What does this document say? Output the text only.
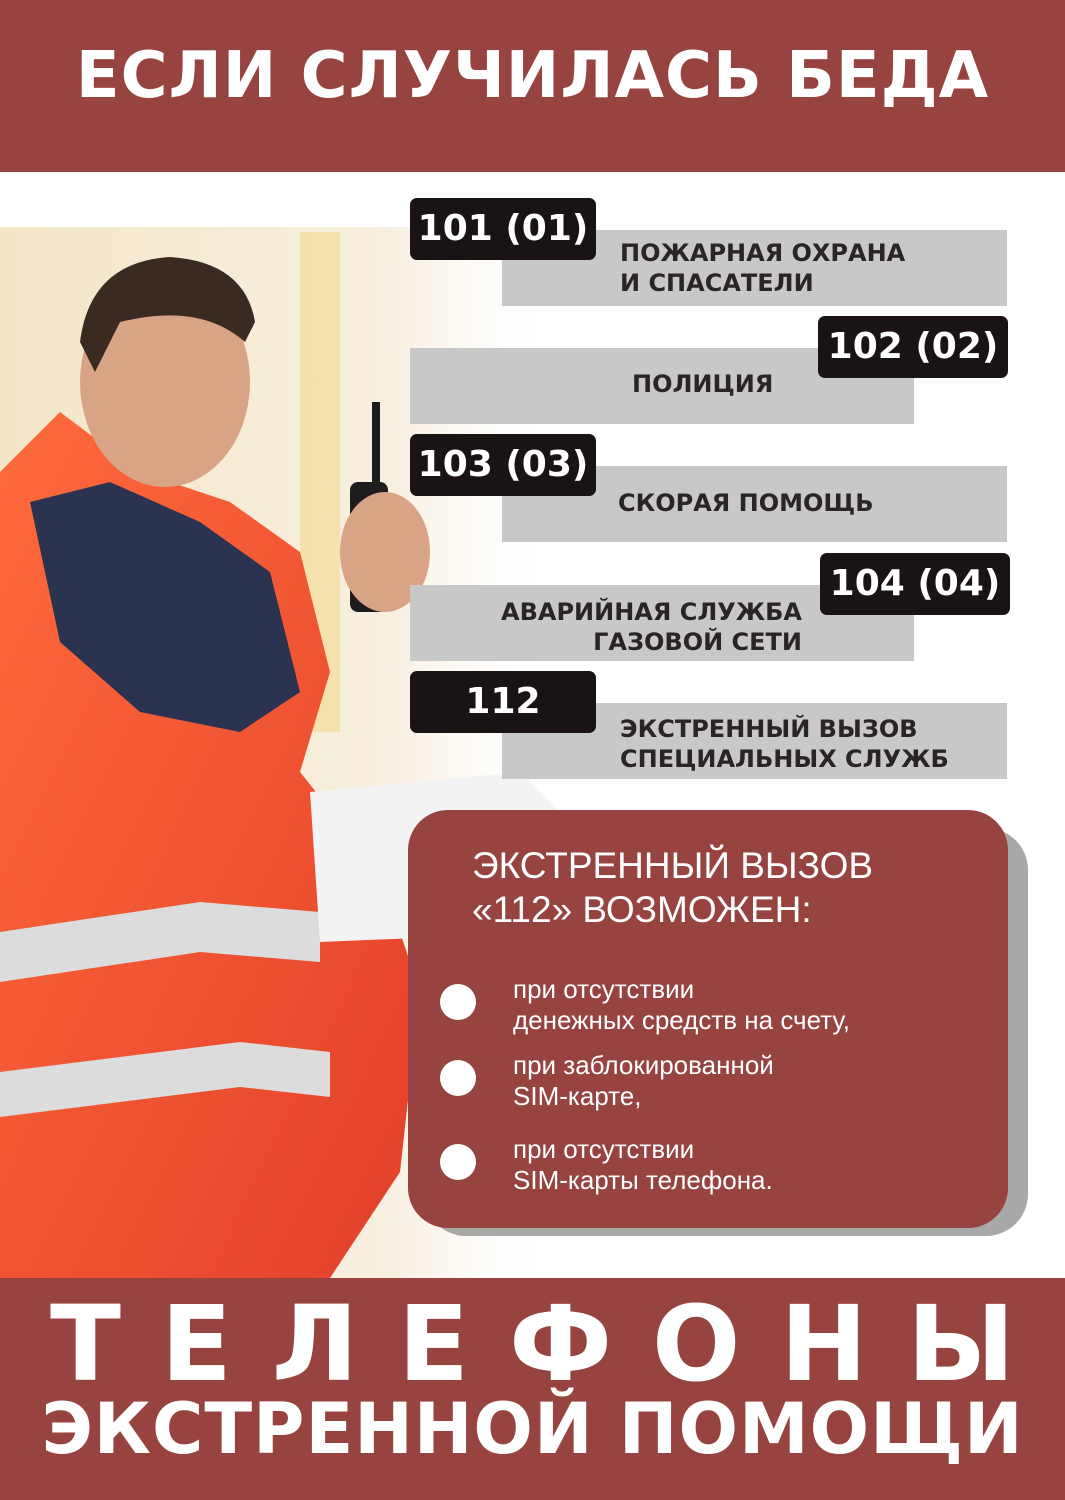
ЕСЛИ СЛУЧИЛАСЬ БЕДА
101 (01)
ПОЖАРНАЯ ОХРАНА
И СПАСАТЕЛИ
102 (02)
ПОЛИЦИЯ
103 (03)
СКОРАЯ ПОМОЩЬ
104 (04)
АВАРИЙНАЯ СЛУЖБА
ГАЗОВОЙ СЕТИ
112
ЭКСТРЕННЫЙ ВЫЗОВ
СПЕЦИАЛЬНЫХ СЛУЖБ
ЭКСТРЕННЫЙ ВЫЗОВ
«112» ВОЗМОЖЕН:
при отсутствии
денежных средств на счету,
при заблокированной
SIM-карте,
при отсутствии
SIM-карты телефона.
Т Е Л Е Ф О Н Ы
ЭКСТРЕННОЙ ПОМОЩИ
